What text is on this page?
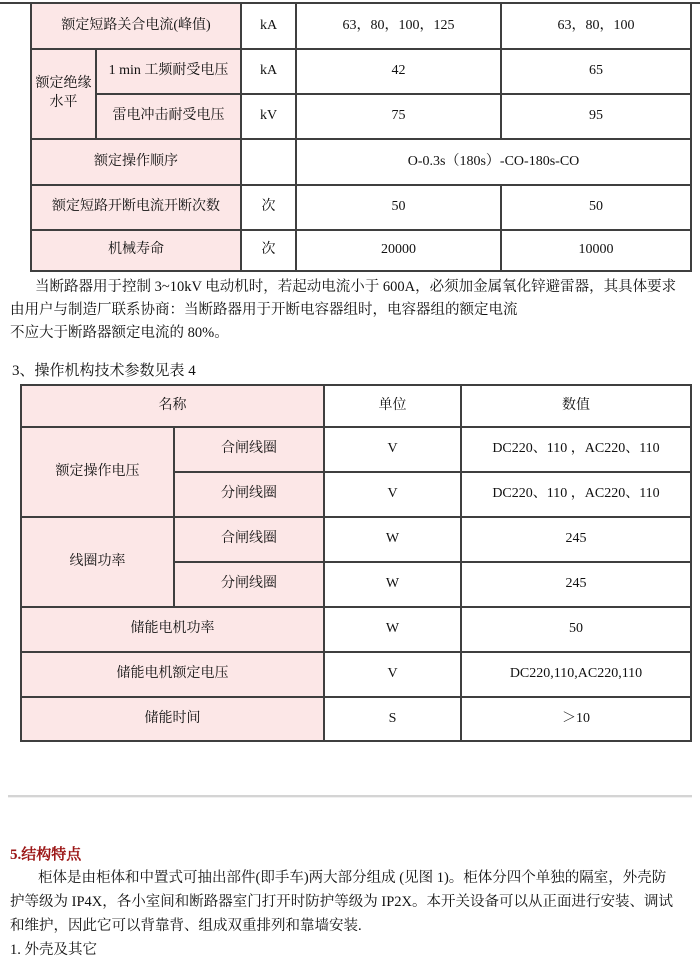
额定短路关合电流(峰值)		kA	63，80，100，125	63，80，100
额定绝缘水平	1 min 工频耐受电压	kA	42	65
	雷电冲击耐受电压	kV	75	95
额定操作顺序			O-0.3s（180s）-CO-180s-CO	
额定短路开断电流开断次数		次	50	50
机械寿命		次	20000	10000
当断路器用于控制 3~10kV 电动机时，若起动电流小于 600A，必须加金属氧化锌避雷器，其具体要求
由用户与制造厂联系协商：当断路器用于开断电容器组时，电容器组的额定电流
不应大于断路器额定电流的 80%。
3、操作机构技术参数见表 4
名称		单位	数值
额定操作电压	合闸线圈	V	DC220、110 ，AC220、110
	分闸线圈	V	DC220、110 ，AC220、110
线圈功率	合闸线圈	W	245
	分闸线圈	W	245
储能电机功率		W	50
储能电机额定电压		V	DC220,110,AC220,110
储能时间		S	＞10
5.结构特点
柜体是由柜体和中置式可抽出部件(即手车)两大部分组成 (见图 1)。柜体分四个单独的隔室，外壳防
护等级为 IP4X，各小室间和断路器室门打开时防护等级为 IP2X。本开关设备可以从正面进行安装、调试
和维护，因此它可以背靠背、组成双重排列和靠墙安装.
1. 外壳及其它
